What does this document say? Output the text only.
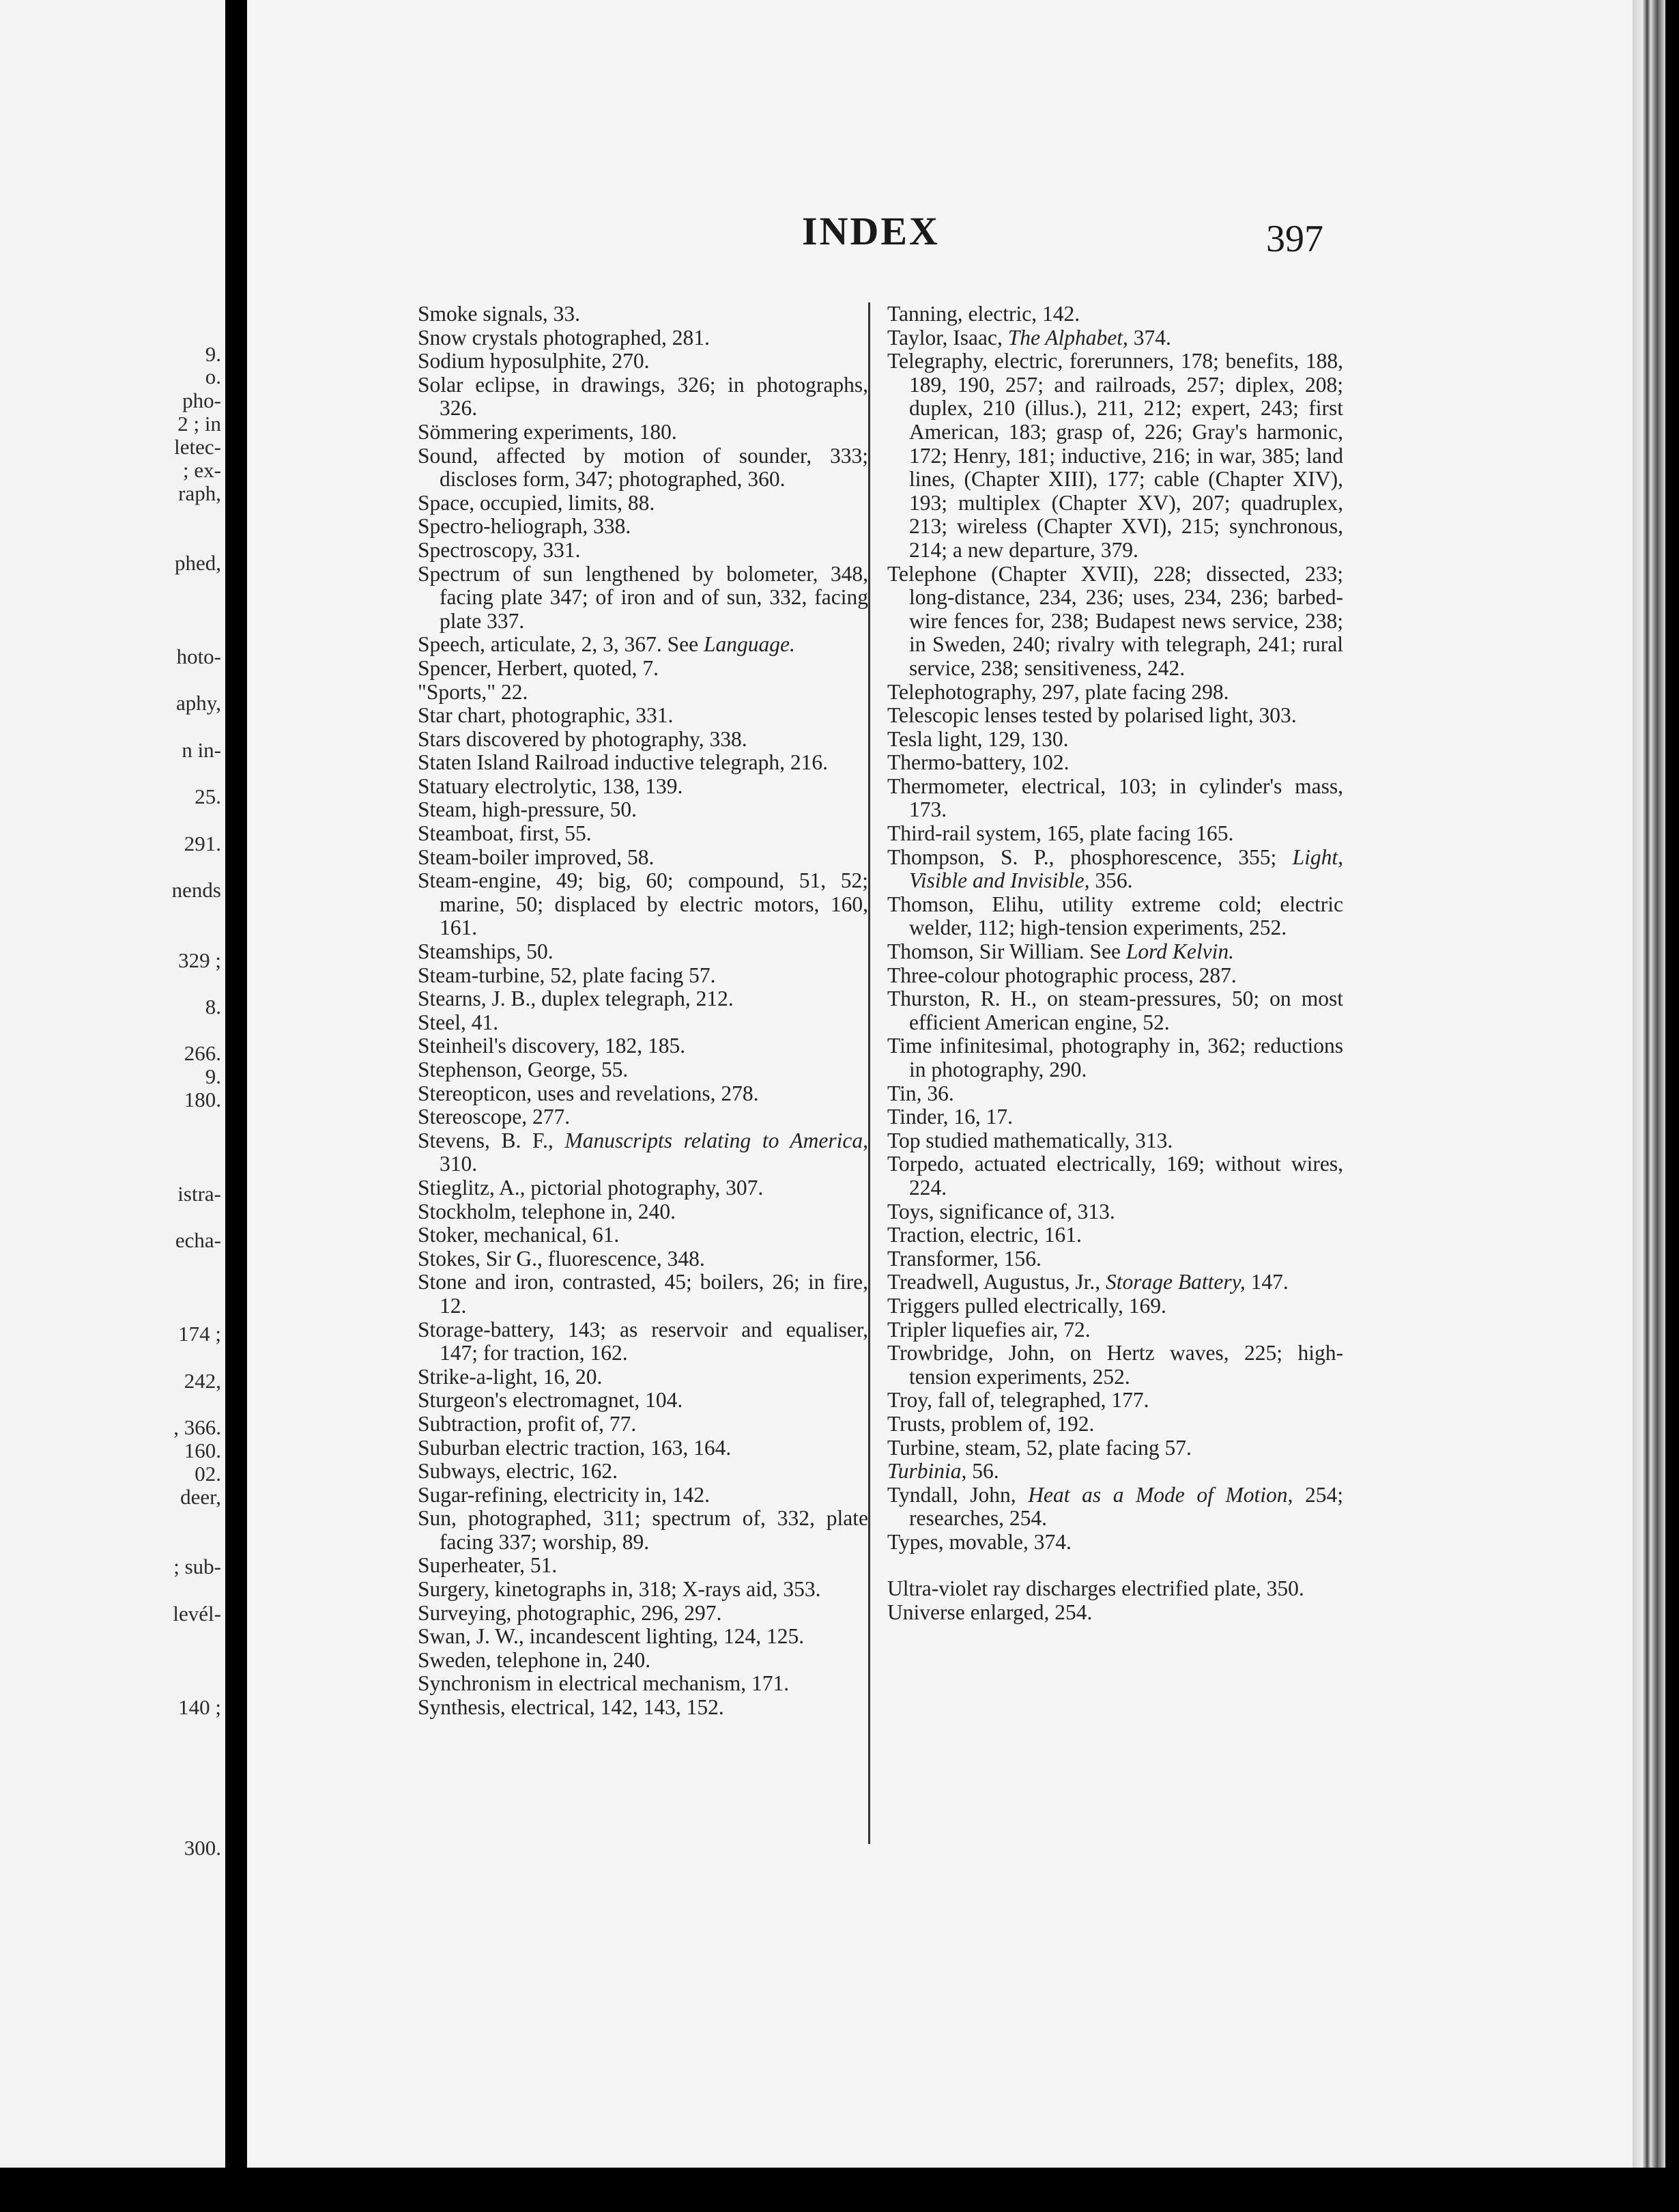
9.
o.
pho-
2 ; in
letec-
; ex-
raph,
phed,
hoto-
aphy,
n in-
25.
291.
nends
329 ;
8.
266.
9.
180.
istra-
echa-
174 ;
242,
, 366.
160.
02.
deer,
; sub-
levél-
140 ;
300.
INDEX	397

Smoke signals, 33.

Snow crystals photographed, 281.

Sodium hyposulphite, 270.

Solar eclipse, in drawings, 326; in photographs, 326.

Sömmering experiments, 180.

Sound, affected by motion of sounder, 333; discloses form, 347; photographed, 360.

Space, occupied, limits, 88.

Spectro-heliograph, 338.

Spectroscopy, 331.

Spectrum of sun lengthened by bolometer, 348, facing plate 347; of iron and of sun, 332, facing plate 337.

Speech, articulate, 2, 3, 367. See Language.

Spencer, Herbert, quoted, 7.

"Sports," 22.

Star chart, photographic, 331.

Stars discovered by photography, 338.

Staten Island Railroad inductive telegraph, 216.

Statuary electrolytic, 138, 139.

Steam, high-pressure, 50.

Steamboat, first, 55.

Steam-boiler improved, 58.

Steam-engine, 49; big, 60; compound, 51, 52; marine, 50; displaced by electric motors, 160, 161.

Steamships, 50.

Steam-turbine, 52, plate facing 57.

Stearns, J. B., duplex telegraph, 212.

Steel, 41.

Steinheil's discovery, 182, 185.

Stephenson, George, 55.

Stereopticon, uses and revelations, 278.

Stereoscope, 277.

Stevens, B. F., Manuscripts relating to America, 310.

Stieglitz, A., pictorial photography, 307.

Stockholm, telephone in, 240.

Stoker, mechanical, 61.

Stokes, Sir G., fluorescence, 348.

Stone and iron, contrasted, 45; boilers, 26; in fire, 12.

Storage-battery, 143; as reservoir and equaliser, 147; for traction, 162.

Strike-a-light, 16, 20.

Sturgeon's electromagnet, 104.

Subtraction, profit of, 77.

Suburban electric traction, 163, 164.

Subways, electric, 162.

Sugar-refining, electricity in, 142.

Sun, photographed, 311; spectrum of, 332, plate facing 337; worship, 89.

Superheater, 51.

Surgery, kinetographs in, 318; X-rays aid, 353.

Surveying, photographic, 296, 297.

Swan, J. W., incandescent lighting, 124, 125.

Sweden, telephone in, 240.

Synchronism in electrical mechanism, 171.

Synthesis, electrical, 142, 143, 152.

Tanning, electric, 142.

Taylor, Isaac, The Alphabet, 374.

Telegraphy, electric, forerunners, 178; benefits, 188, 189, 190, 257; and railroads, 257; diplex, 208; duplex, 210 (illus.), 211, 212; expert, 243; first American, 183; grasp of, 226; Gray's harmonic, 172; Henry, 181; inductive, 216; in war, 385; land lines, (Chapter XIII), 177; cable (Chapter XIV), 193; multiplex (Chapter XV), 207; quadruplex, 213; wireless (Chapter XVI), 215; synchronous, 214; a new departure, 379.

Telephone (Chapter XVII), 228; dissected, 233; long-distance, 234, 236; uses, 234, 236; barbed-wire fences for, 238; Budapest news service, 238; in Sweden, 240; rivalry with telegraph, 241; rural service, 238; sensitiveness, 242.

Telephotography, 297, plate facing 298.

Telescopic lenses tested by polarised light, 303.

Tesla light, 129, 130.

Thermo-battery, 102.

Thermometer, electrical, 103; in cylinder's mass, 173.

Third-rail system, 165, plate facing 165.

Thompson, S. P., phosphorescence, 355; Light, Visible and Invisible, 356.

Thomson, Elihu, utility extreme cold; electric welder, 112; high-tension experiments, 252.

Thomson, Sir William. See Lord Kelvin.

Three-colour photographic process, 287.

Thurston, R. H., on steam-pressures, 50; on most efficient American engine, 52.

Time infinitesimal, photography in, 362; reductions in photography, 290.

Tin, 36.

Tinder, 16, 17.

Top studied mathematically, 313.

Torpedo, actuated electrically, 169; without wires, 224.

Toys, significance of, 313.

Traction, electric, 161.

Transformer, 156.

Treadwell, Augustus, Jr., Storage Battery, 147.

Triggers pulled electrically, 169.

Tripler liquefies air, 72.

Trowbridge, John, on Hertz waves, 225; high-tension experiments, 252.

Troy, fall of, telegraphed, 177.

Trusts, problem of, 192.

Turbine, steam, 52, plate facing 57.

Turbinia, 56.

Tyndall, John, Heat as a Mode of Motion, 254; researches, 254.

Types, movable, 374.

Ultra-violet ray discharges electrified plate, 350.

Universe enlarged, 254.
